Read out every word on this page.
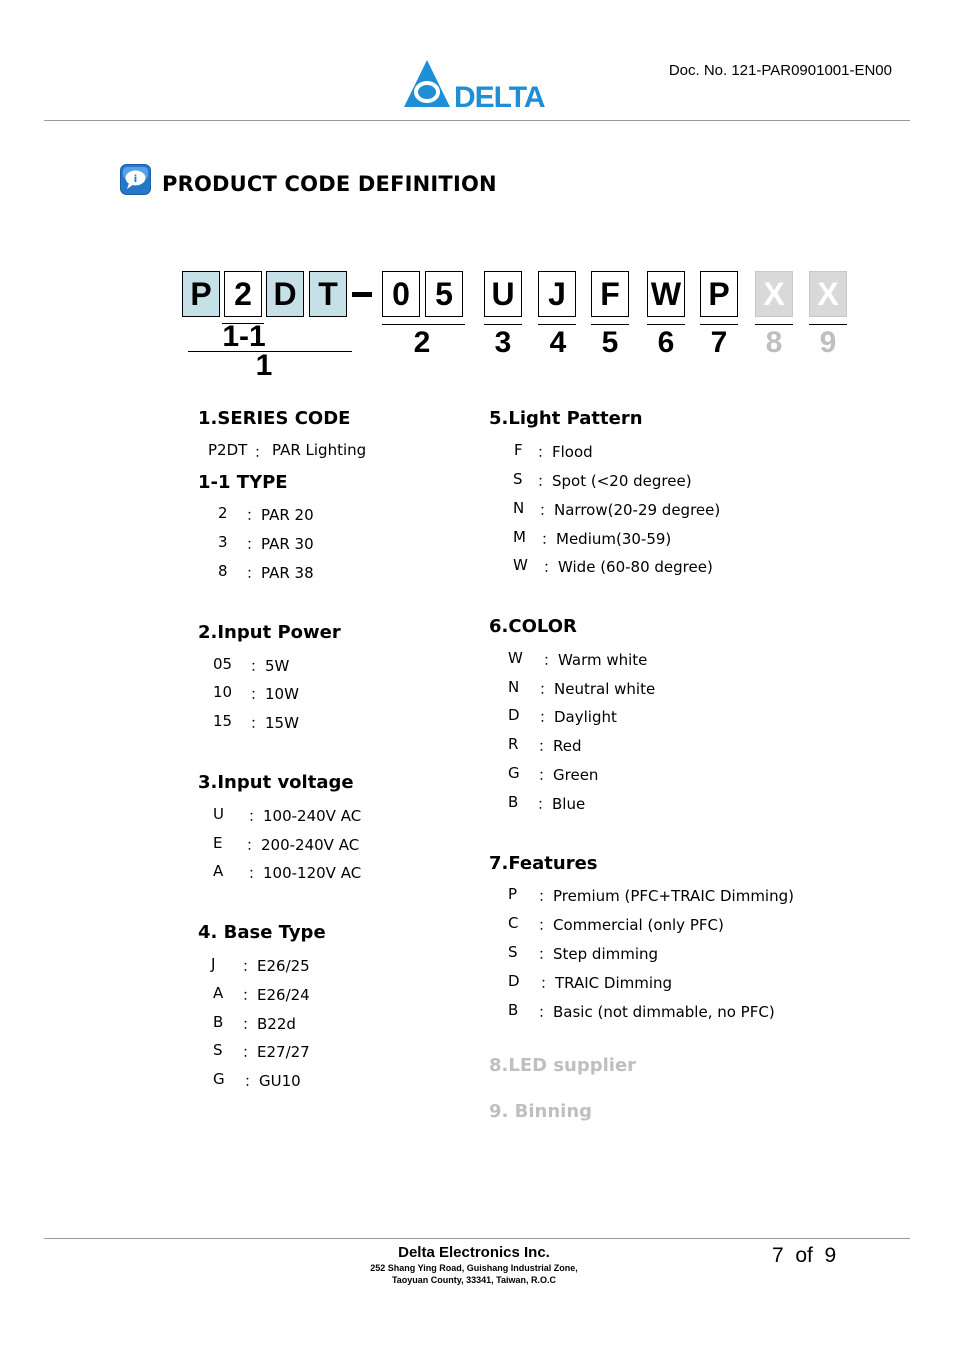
Doc. No. 121-PAR0901001-EN00
DELTA
i PRODUCT CODE DEFINITION
P 2 D T	0 5	U	J	F W P X X
1-1
1
2	3	4	5	6	7	8	9
1.SERIES CODE
P2DT ： PAR Lighting
1-1 TYPE
2 ：PAR 20
3 ：PAR 30
8 ：PAR 38
2.Input Power
05 ：5W
10 ：10W
15 ：15W
3.Input voltage
U ：100-240V AC
E ：200-240V AC
A ：100-120V AC
4. Base Type
J ：E26/25
A ：E26/24
B ：B22d
S ：E27/27
G ：GU10
5.Light Pattern
F ：Flood
S ：Spot (<20 degree)
N ：Narrow(20-29 degree)
M ：Medium(30-59)
W ：Wide (60-80 degree)
6.COLOR
W ：Warm white
N ：Neutral white
D ：Daylight
R ：Red
G ：Green
B ：Blue
7.Features
P ：Premium (PFC+TRAIC Dimming)
C ：Commercial (only PFC)
S ：Step dimming
D ：TRAIC Dimming
B ：Basic (not dimmable, no PFC)
8.LED supplier
9. Binning
Delta Electronics Inc.
252 Shang Ying Road, Guishang Industrial Zone,
Taoyuan County, 33341, Taiwan, R.O.C
7 of 9
